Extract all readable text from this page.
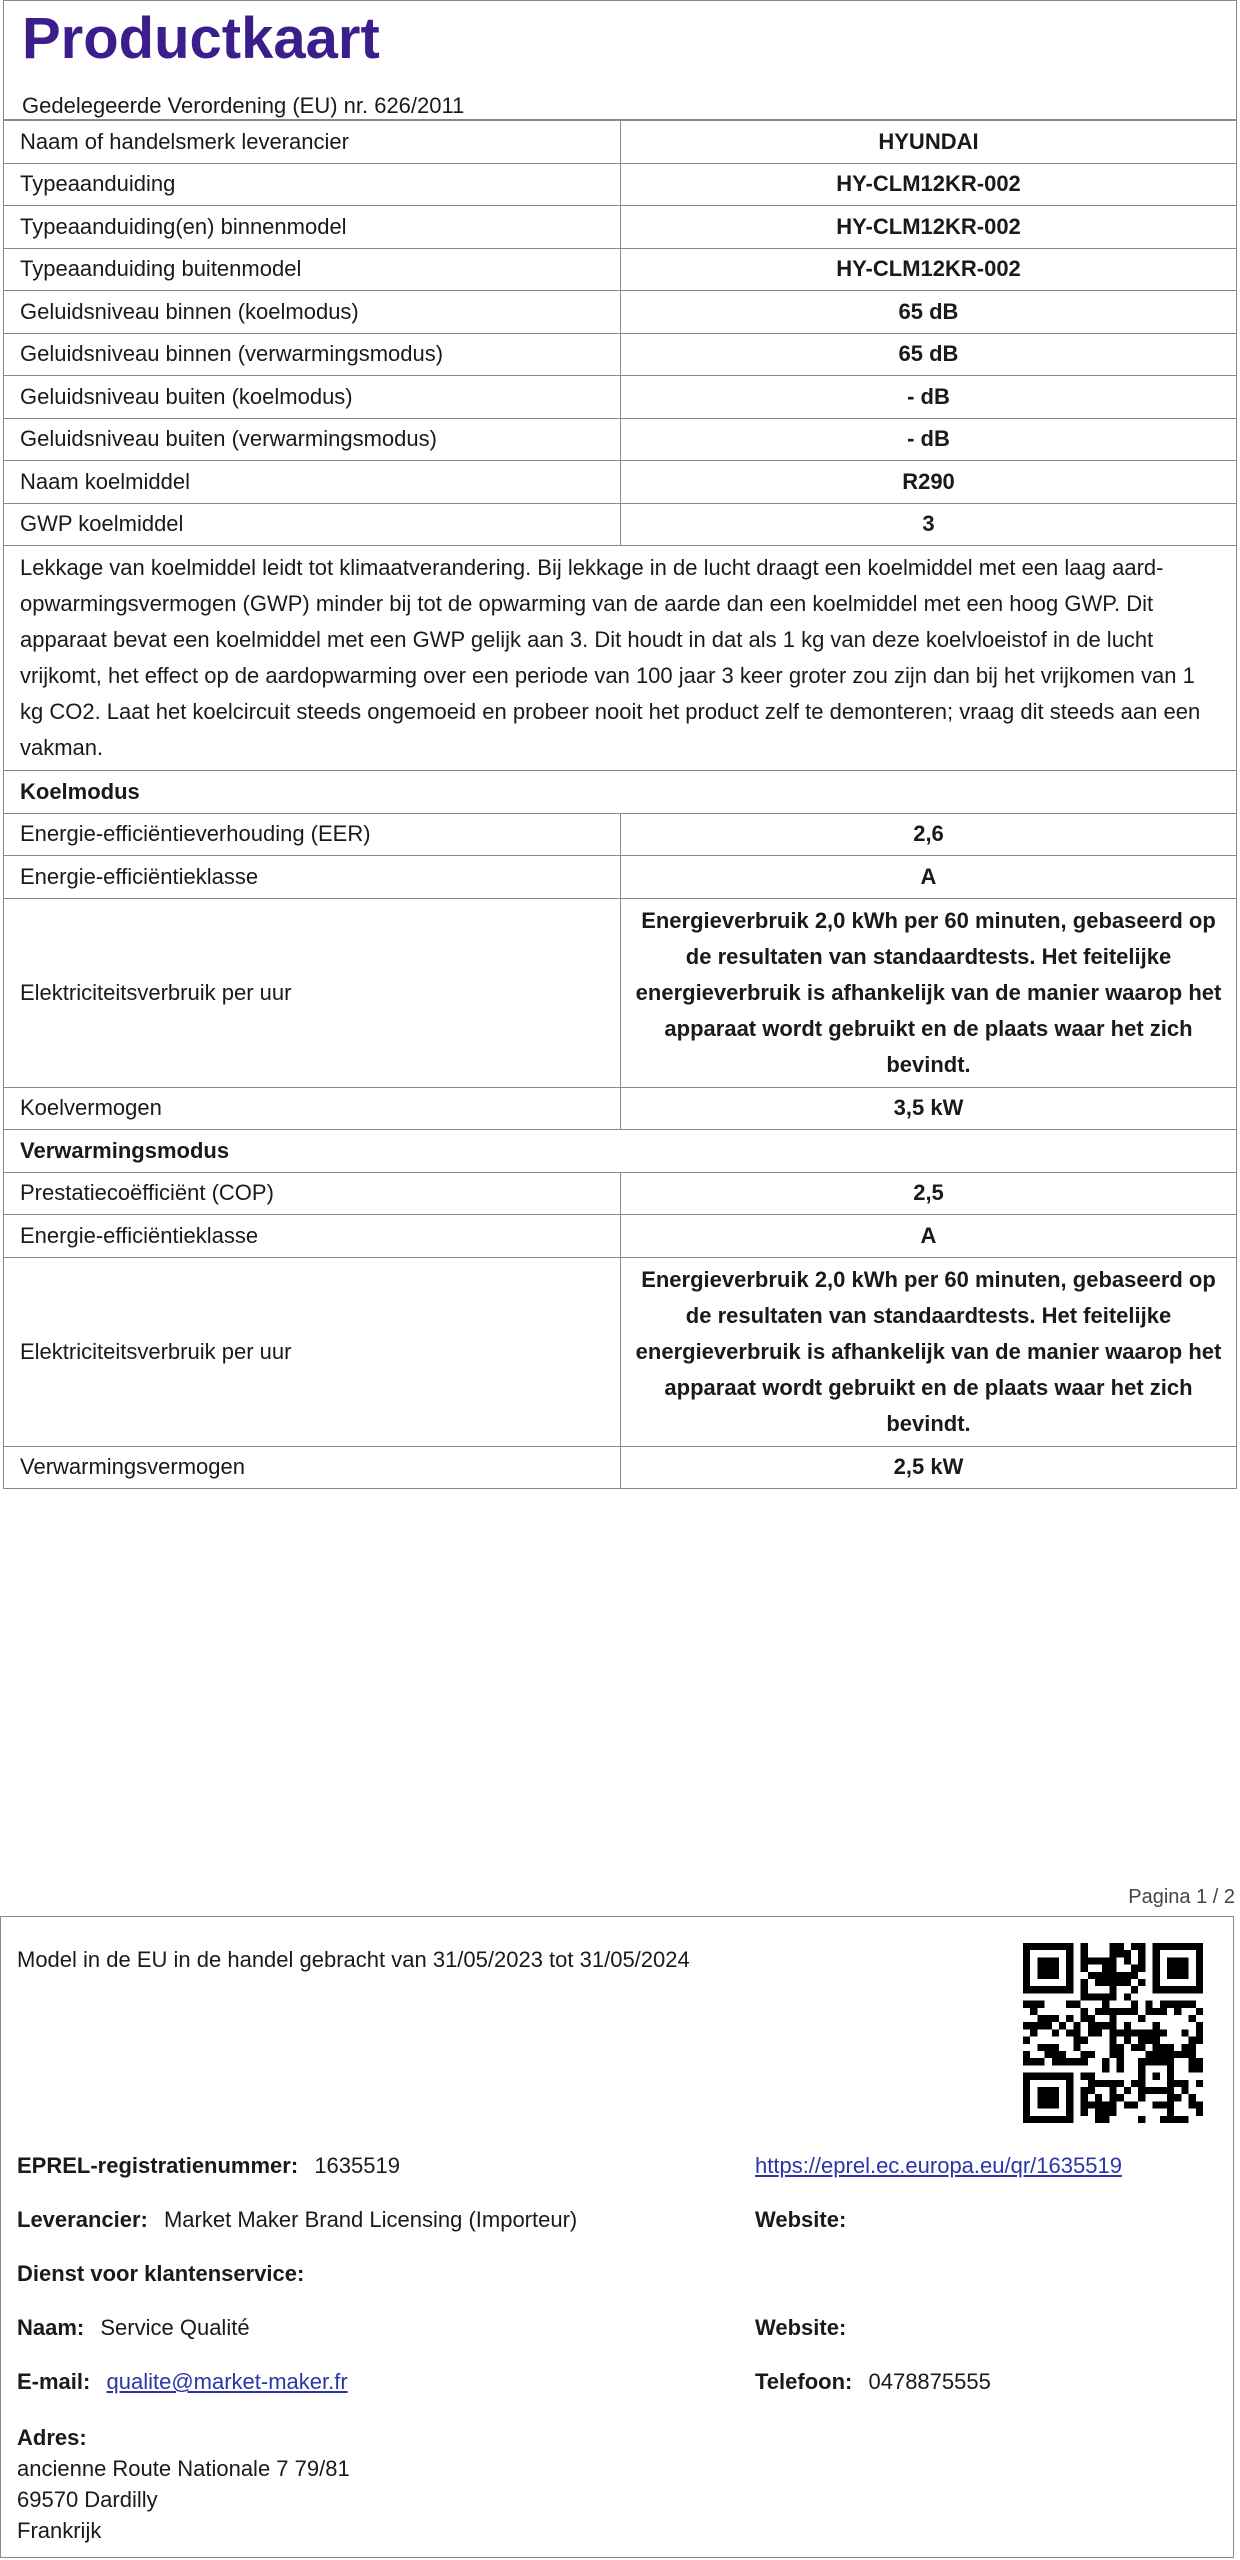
Productkaart
Gedelegeerde Verordening (EU) nr. 626/2011
Naam of handelsmerk leverancier	HYUNDAI
Typeaanduiding	HY-CLM12KR-002
Typeaanduiding(en) binnenmodel	HY-CLM12KR-002
Typeaanduiding buitenmodel	HY-CLM12KR-002
Geluidsniveau binnen (koelmodus)	65 dB
Geluidsniveau binnen (verwarmingsmodus)	65 dB
Geluidsniveau buiten (koelmodus)	- dB
Geluidsniveau buiten (verwarmingsmodus)	- dB
Naam koelmiddel	R290
GWP koelmiddel	3
Lekkage van koelmiddel leidt tot klimaatverandering. Bij lekkage in de lucht draagt een koelmiddel met een laag aard-opwarmingsvermogen (GWP) minder bij tot de opwarming van de aarde dan een koelmiddel met een hoog GWP. Dit apparaat bevat een koelmiddel met een GWP gelijk aan 3. Dit houdt in dat als 1 kg van deze koelvloeistof in de lucht vrijkomt, het effect op de aardopwarming over een periode van 100 jaar 3 keer groter zou zijn dan bij het vrijkomen van 1 kg CO2. Laat het koelcircuit steeds ongemoeid en probeer nooit het product zelf te demonteren; vraag dit steeds aan een vakman.	
Koelmodus	
Energie-efficiëntieverhouding (EER)	2,6
Energie-efficiëntieklasse	A
Elektriciteitsverbruik per uur	Energieverbruik 2,0 kWh per 60 minuten, gebaseerd op de resultaten van standaardtests. Het feitelijke energieverbruik is afhankelijk van de manier waarop het apparaat wordt gebruikt en de plaats waar het zich bevindt.
Koelvermogen	3,5 kW
Verwarmingsmodus	
Prestatiecoëfficiënt (COP)	2,5
Energie-efficiëntieklasse	A
Elektriciteitsverbruik per uur	Energieverbruik 2,0 kWh per 60 minuten, gebaseerd op de resultaten van standaardtests. Het feitelijke energieverbruik is afhankelijk van de manier waarop het apparaat wordt gebruikt en de plaats waar het zich bevindt.
Verwarmingsvermogen	2,5 kW
Pagina 1 / 2
Model in de EU in de handel gebracht van 31/05/2023 tot 31/05/2024
EPREL-registratienummer: 1635519	https://eprel.ec.europa.eu/qr/1635519
Leverancier: Market Maker Brand Licensing (Importeur)	Website:
Dienst voor klantenservice:
Naam: Service Qualité	Website:
E-mail: qualite@market-maker.fr	Telefoon: 0478875555
Adres:
ancienne Route Nationale 7 79/81
69570 Dardilly
Frankrijk
